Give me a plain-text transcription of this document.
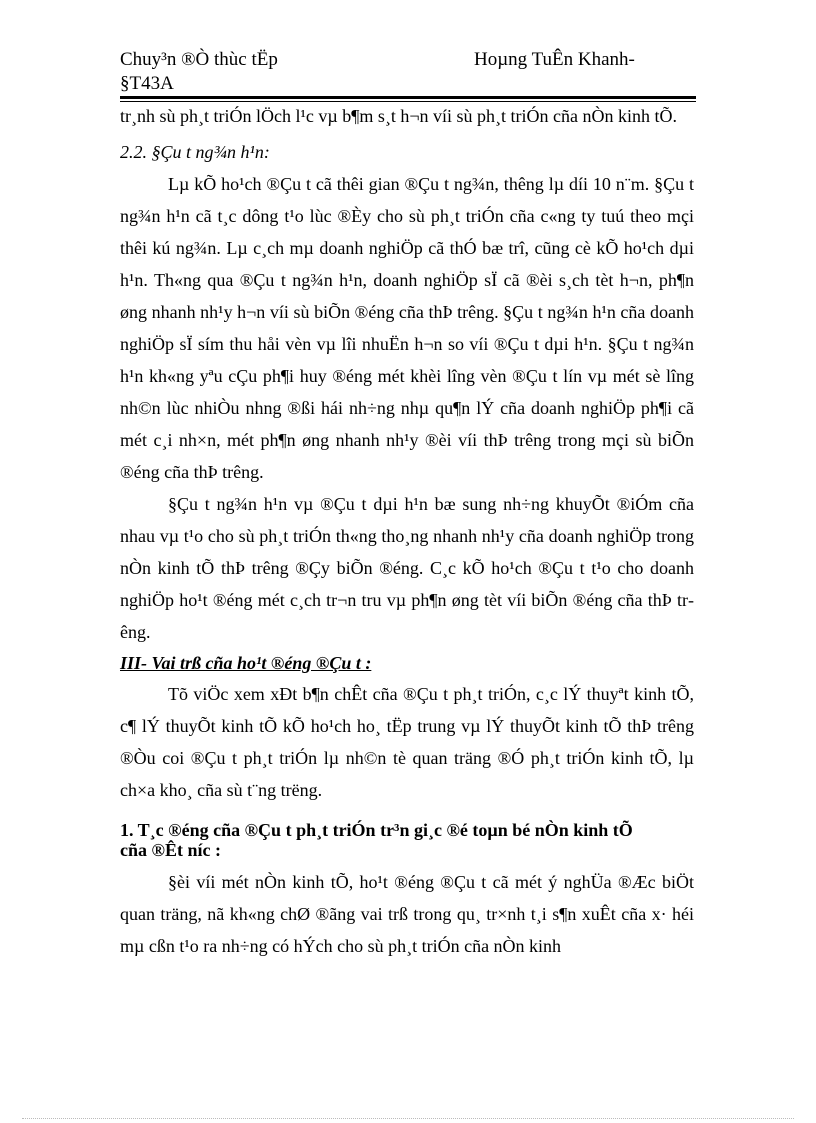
Chuy³n ®Ò thùc tËp
§T43A
Hoµng TuÊn Khanh-

tr¸nh sù ph¸t triÓn lÖch l¹c vµ b¶m s¸t h¬n víi sù ph¸t triÓn cña nÒn kinh tÕ.

2.2. §Çu t ng¾n h¹n:

Lµ kÕ ho¹ch ®Çu t cã thêi gian ®Çu t ng¾n, thêng lµ díi 10 n¨m. §Çu t ng¾n h¹n cã t¸c dông t¹o lùc ®Èy cho sù ph¸t triÓn cña c«ng ty tuú theo mçi thêi kú ng¾n. Lµ c¸ch mµ doanh nghiÖp cã thÓ bæ trî, cũng cè kÕ ho¹ch dµi h¹n. Th«ng qua ®Çu t ng¾n h¹n, doanh nghiÖp sÏ cã ®èi s¸ch tèt h¬n, ph¶n øng nhanh nh¹y h¬n víi sù biÕn ®éng cña thÞ trêng. §Çu t ng¾n h¹n cña doanh nghiÖp sÏ sím thu håi vèn vµ lîi nhuËn h¬n so víi ®Çu t dµi h¹n. §Çu t ng¾n h¹n kh«ng yªu cÇu ph¶i huy ®éng mét khèi lîng vèn ®Çu t lín vµ mét sè lîng nh©n lùc nhiÒu nhng ®ßi hái nh÷ng nhµ qu¶n lÝ cña doanh nghiÖp ph¶i cã mét c¸i nh×n, mét ph¶n øng nhanh nh¹y ®èi víi thÞ trêng trong mçi sù biÕn ®éng cña thÞ trêng.

§Çu t ng¾n h¹n vµ ®Çu t dµi h¹n bæ sung nh÷ng khuyÕt ®iÓm cña nhau vµ t¹o cho sù ph¸t triÓn th«ng tho¸ng nhanh nh¹y cña doanh nghiÖp trong nÒn kinh tÕ thÞ trêng ®Çy biÕn ®éng. C¸c kÕ ho¹ch ®Çu t t¹o cho doanh nghiÖp ho¹t ®éng mét c¸ch tr¬n tru vµ ph¶n øng tèt víi biÕn ®éng cña thÞ trêng.

III- Vai trß cña ho¹t ®éng ®Çu t :

Tõ viÖc xem xÐt b¶n chÊt cña ®Çu t ph¸t triÓn, c¸c lÝ thuyªt kinh tÕ, c¶ lÝ thuyÕt kinh tÕ kÕ ho¹ch ho¸ tËp trung vµ lÝ thuyÕt kinh tÕ thÞ trêng ®Òu coi ®Çu t ph¸t triÓn lµ nh©n tè quan träng ®Ó ph¸t triÓn kinh tÕ, lµ ch×a kho¸ cña sù t¨ng trëng.

1. T¸c ®éng cña ®Çu t ph¸t triÓn tr³n gi¸c ®é toµn bé nÒn kinh tÕ
cña ®Êt níc :

§èi víi mét nÒn kinh tÕ, ho¹t ®éng ®Çu t cã mét ý nghÜa ®Æc biÖt quan träng, nã kh«ng chØ ®ãng vai trß trong qu¸ tr×nh t¸i s¶n xuÊt cña x· héi mµ cßn t¹o ra nh÷ng có hÝch cho sù ph¸t triÓn cña nÒn kinh
